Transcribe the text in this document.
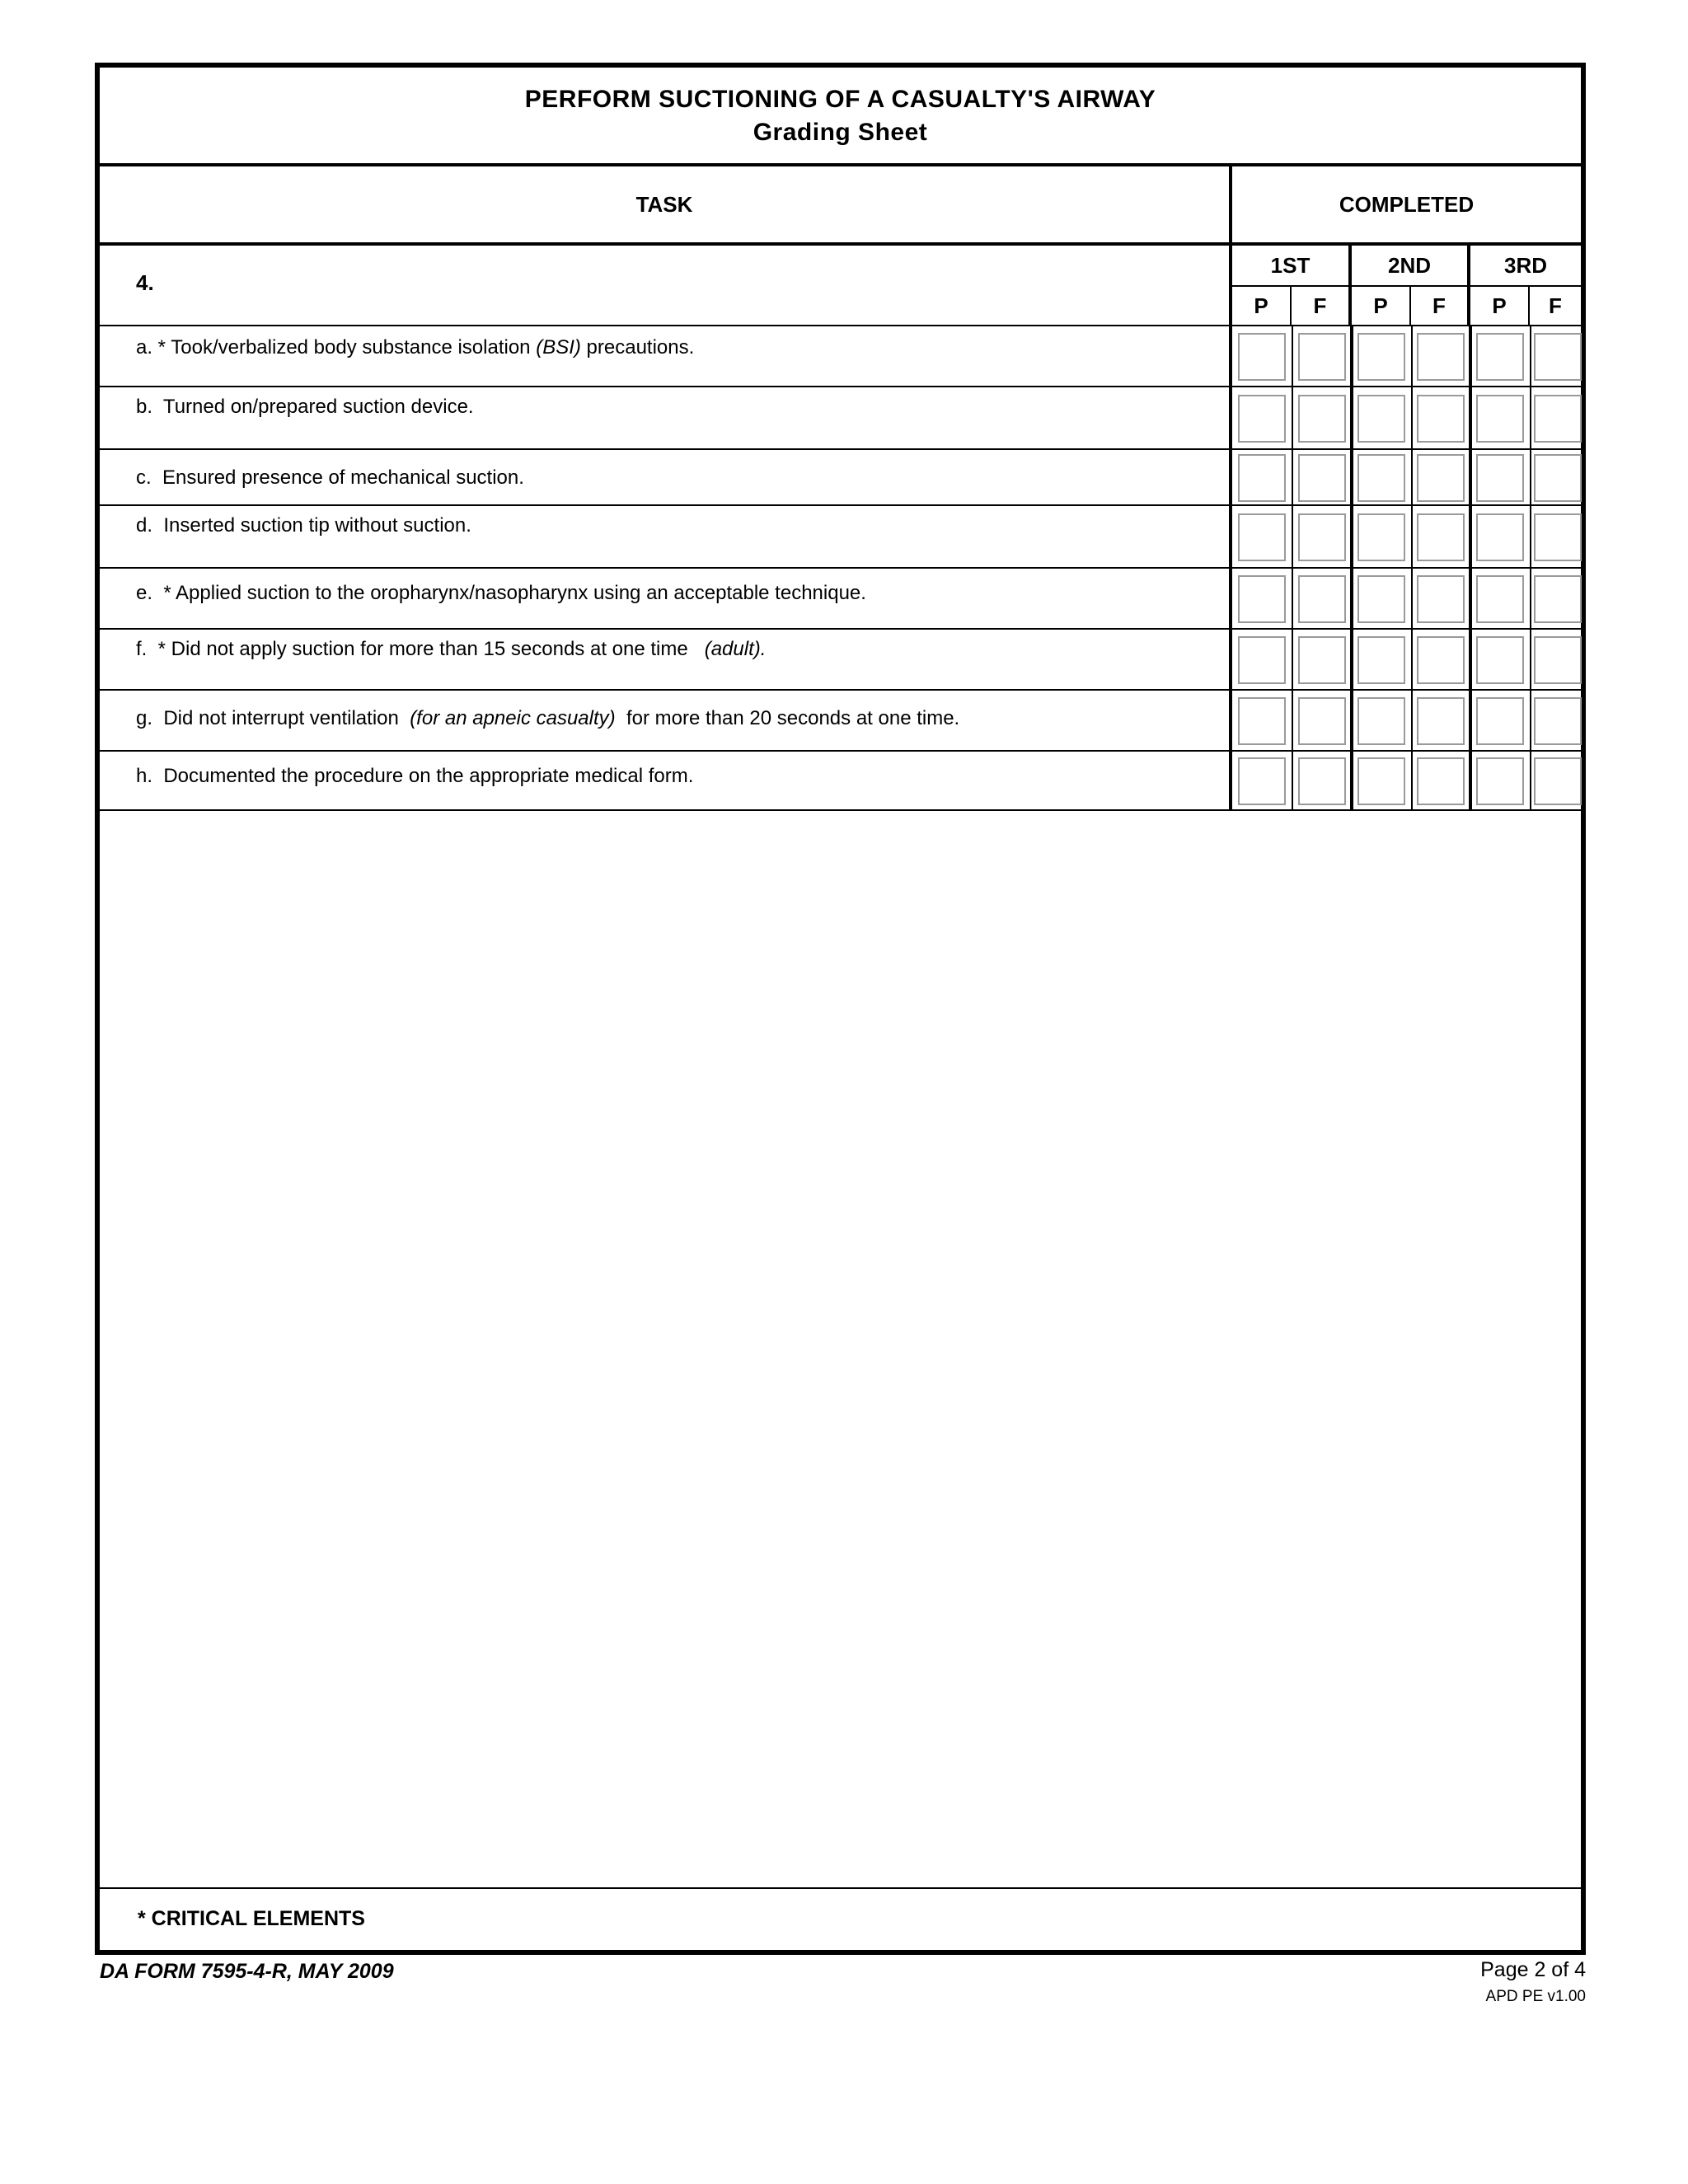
PERFORM SUCTIONING OF A CASUALTY'S AIRWAY
Grading Sheet
TASK	COMPLETED
4.
1ST	2ND	3RD
P	F	P	F	P	F
a. * Took/verbalized body substance isolation (BSI) precautions.
b.  Turned on/prepared suction device.
c.  Ensured presence of mechanical suction.
d.  Inserted suction tip without suction.
e.  * Applied suction to the oropharynx/nasopharynx using an acceptable technique.
f.  * Did not apply suction for more than 15 seconds at one time   (adult).
g.  Did not interrupt ventilation  (for an apneic casualty)  for more than 20 seconds at one time.
h.  Documented the procedure on the appropriate medical form.
* CRITICAL ELEMENTS
DA FORM 7595-4-R, MAY 2009	Page 2 of 4
APD PE v1.00
